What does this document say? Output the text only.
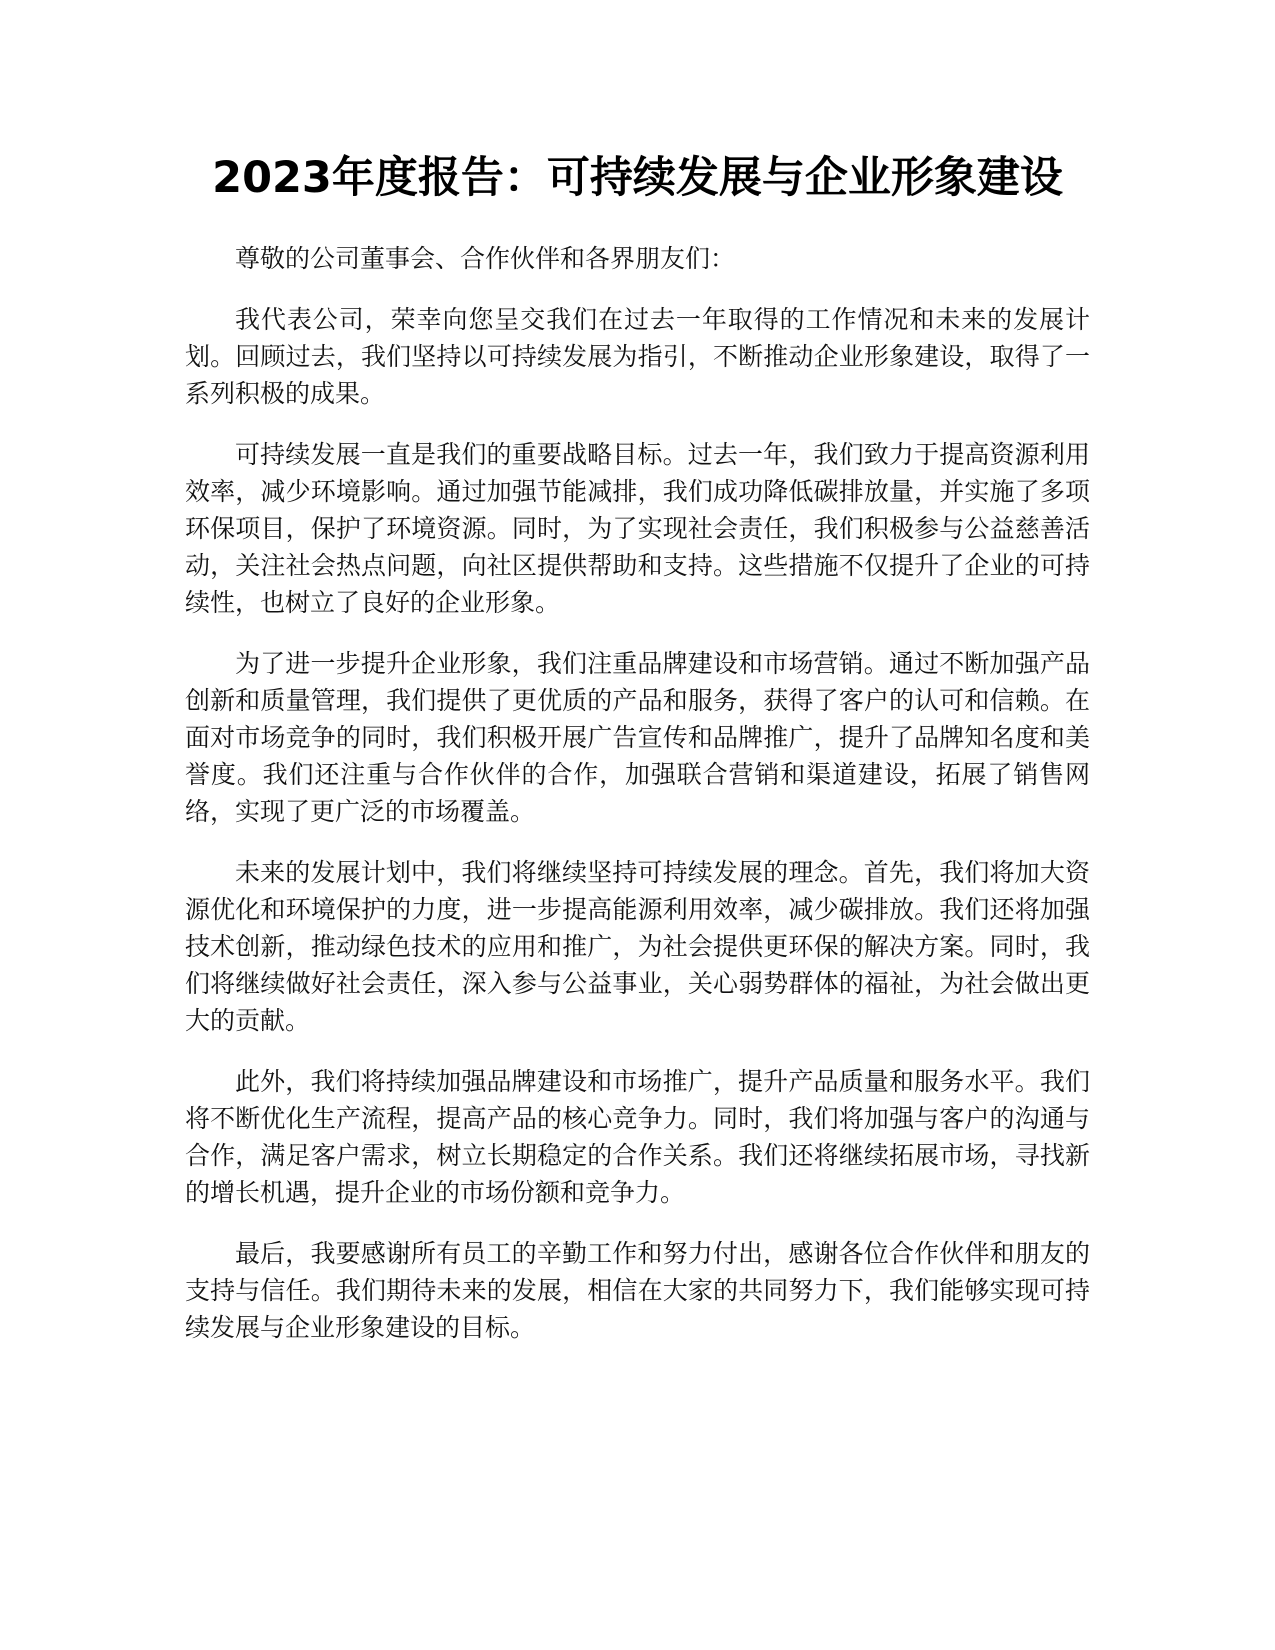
2023年度报告：可持续发展与企业形象建设

尊敬的公司董事会、合作伙伴和各界朋友们：

我代表公司，荣幸向您呈交我们在过去一年取得的工作情况和未来的发展计划。回顾过去，我们坚持以可持续发展为指引，不断推动企业形象建设，取得了一系列积极的成果。

可持续发展一直是我们的重要战略目标。过去一年，我们致力于提高资源利用效率，减少环境影响。通过加强节能减排，我们成功降低碳排放量，并实施了多项环保项目，保护了环境资源。同时，为了实现社会责任，我们积极参与公益慈善活动，关注社会热点问题，向社区提供帮助和支持。这些措施不仅提升了企业的可持续性，也树立了良好的企业形象。

为了进一步提升企业形象，我们注重品牌建设和市场营销。通过不断加强产品创新和质量管理，我们提供了更优质的产品和服务，获得了客户的认可和信赖。在面对市场竞争的同时，我们积极开展广告宣传和品牌推广，提升了品牌知名度和美誉度。我们还注重与合作伙伴的合作，加强联合营销和渠道建设，拓展了销售网络，实现了更广泛的市场覆盖。

未来的发展计划中，我们将继续坚持可持续发展的理念。首先，我们将加大资源优化和环境保护的力度，进一步提高能源利用效率，减少碳排放。我们还将加强技术创新，推动绿色技术的应用和推广，为社会提供更环保的解决方案。同时，我们将继续做好社会责任，深入参与公益事业，关心弱势群体的福祉，为社会做出更大的贡献。

此外，我们将持续加强品牌建设和市场推广，提升产品质量和服务水平。我们将不断优化生产流程，提高产品的核心竞争力。同时，我们将加强与客户的沟通与合作，满足客户需求，树立长期稳定的合作关系。我们还将继续拓展市场，寻找新的增长机遇，提升企业的市场份额和竞争力。

最后，我要感谢所有员工的辛勤工作和努力付出，感谢各位合作伙伴和朋友的支持与信任。我们期待未来的发展，相信在大家的共同努力下，我们能够实现可持续发展与企业形象建设的目标。
